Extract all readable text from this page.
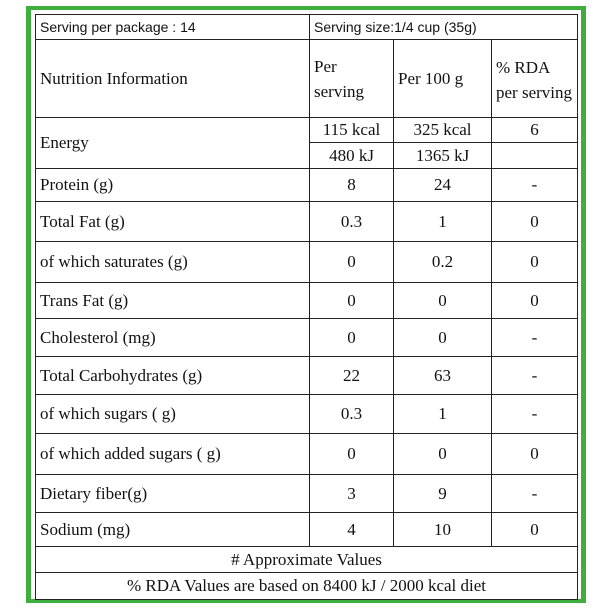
Serving per package : 14	Serving size:1/4 cup (35g)		
Nutrition Information	Per serving	Per 100 g	% RDA per serving
Energy	115 kcal	325 kcal	6
	480 kJ	1365 kJ	
Protein (g)	8	24	-
Total Fat (g)	0.3	1	0
of which saturates (g)	0	0.2	0
Trans Fat (g)	0	0	0
Cholesterol (mg)	0	0	-
Total Carbohydrates (g)	22	63	-
of which sugars ( g)	0.3	1	-
of which added sugars ( g)	0	0	0
Dietary fiber(g)	3	9	-
Sodium (mg)	4	10	0
# Approximate Values			
% RDA Values are based on 8400 kJ / 2000 kcal diet			
